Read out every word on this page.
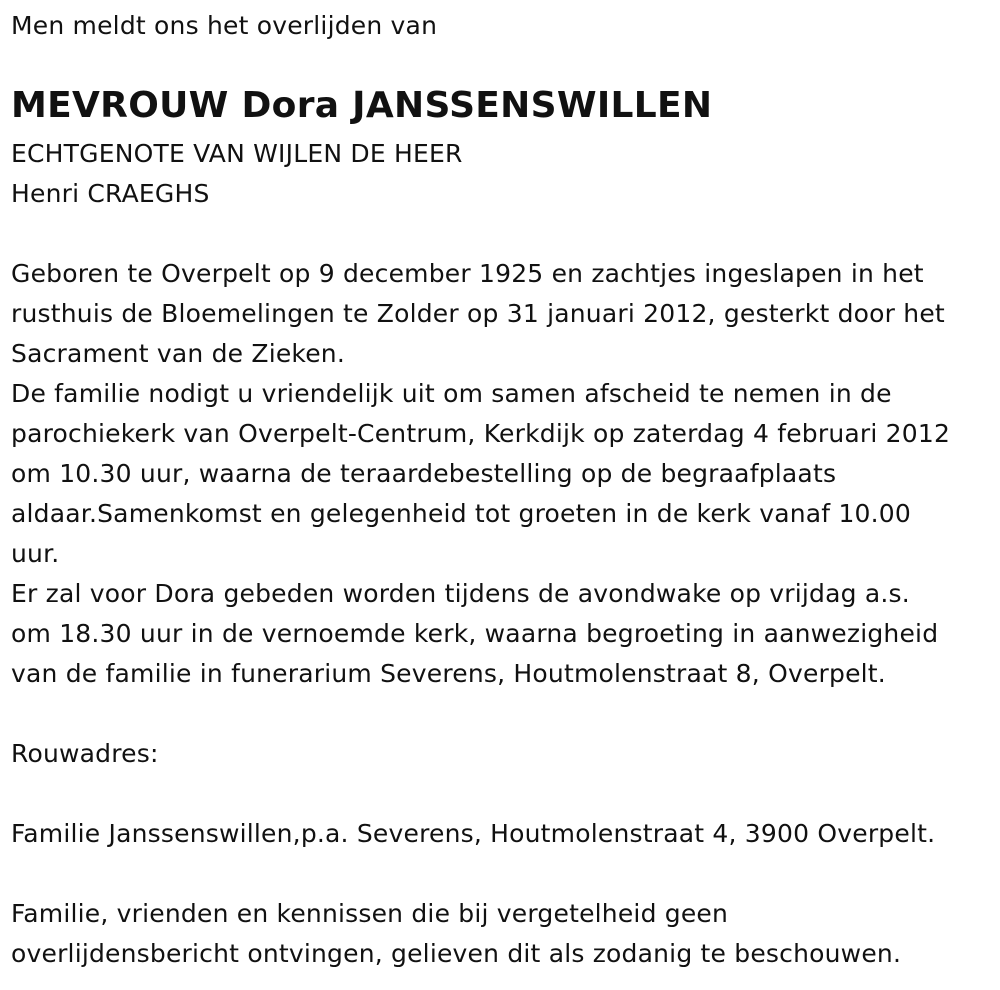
Men meldt ons het overlijden van
MEVROUW Dora JANSSENSWILLEN
ECHTGENOTE VAN WIJLEN DE HEER
Henri CRAEGHS
Geboren te Overpelt op 9 december 1925 en zachtjes ingeslapen in het
rusthuis de Bloemelingen te Zolder op 31 januari 2012, gesterkt door het
Sacrament van de Zieken.
De familie nodigt u vriendelijk uit om samen afscheid te nemen in de
parochiekerk van Overpelt-Centrum, Kerkdijk op zaterdag 4 februari 2012
om 10.30 uur, waarna de teraardebestelling op de begraafplaats
aldaar.Samenkomst en gelegenheid tot groeten in de kerk vanaf 10.00
uur.
Er zal voor Dora gebeden worden tijdens de avondwake op vrijdag a.s.
om 18.30 uur in de vernoemde kerk, waarna begroeting in aanwezigheid
van de familie in funerarium Severens, Houtmolenstraat 8, Overpelt.
Rouwadres:
Familie Janssenswillen,p.a. Severens, Houtmolenstraat 4, 3900 Overpelt.
Familie, vrienden en kennissen die bij vergetelheid geen
overlijdensbericht ontvingen, gelieven dit als zodanig te beschouwen.
